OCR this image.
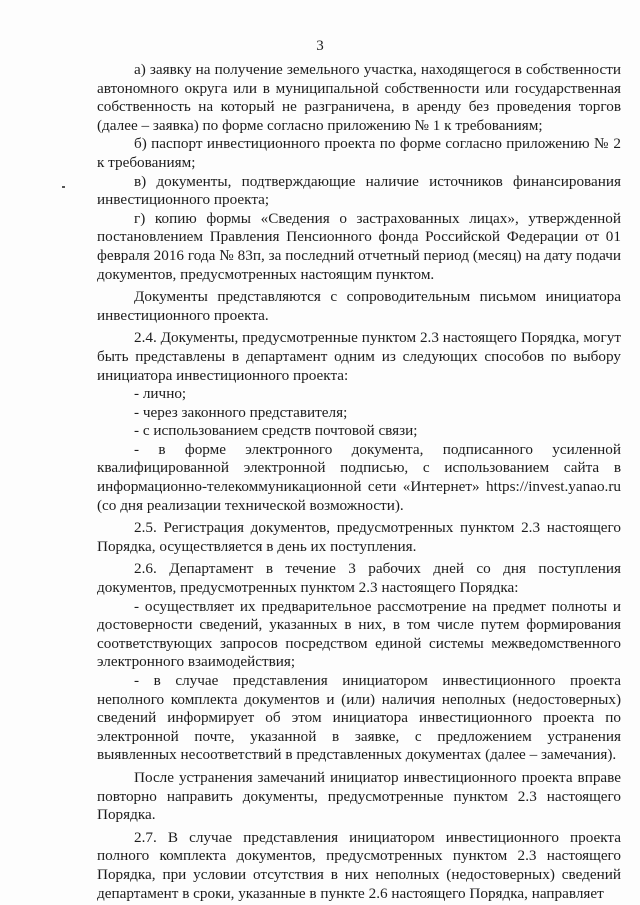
3

а) заявку на получение земельного участка, находящегося в собственности автономного округа или в муниципальной собственности или государственная собственность на который не разграничена, в аренду без проведения торгов (далее – заявка) по форме согласно приложению № 1 к требованиям;

б) паспорт инвестиционного проекта по форме согласно приложению № 2 к требованиям;

в) документы, подтверждающие наличие источников финансирования инвестиционного проекта;

г) копию формы «Сведения о застрахованных лицах», утвержденной постановлением Правления Пенсионного фонда Российской Федерации от 01 февраля 2016 года № 83п, за последний отчетный период (месяц) на дату подачи документов, предусмотренных настоящим пунктом.

Документы представляются с сопроводительным письмом инициатора инвестиционного проекта.

2.4. Документы, предусмотренные пунктом 2.3 настоящего Порядка, могут быть представлены в департамент одним из следующих способов по выбору инициатора инвестиционного проекта:

- лично;

- через законного представителя;

- с использованием средств почтовой связи;

- в форме электронного документа, подписанного усиленной квалифицированной электронной подписью, с использованием сайта в информационно-телекоммуникационной сети «Интернет» https://invest.yanao.ru (со дня реализации технической возможности).

2.5. Регистрация документов, предусмотренных пунктом 2.3 настоящего Порядка, осуществляется в день их поступления.

2.6. Департамент в течение 3 рабочих дней со дня поступления документов, предусмотренных пунктом 2.3 настоящего Порядка:

- осуществляет их предварительное рассмотрение на предмет полноты и достоверности сведений, указанных в них, в том числе путем формирования соответствующих запросов посредством единой системы межведомственного электронного взаимодействия;

- в случае представления инициатором инвестиционного проекта неполного комплекта документов и (или) наличия неполных (недостоверных) сведений информирует об этом инициатора инвестиционного проекта по электронной почте, указанной в заявке, с предложением устранения выявленных несоответствий в представленных документах (далее – замечания).

После устранения замечаний инициатор инвестиционного проекта вправе повторно направить документы, предусмотренные пунктом 2.3 настоящего Порядка.

2.7. В случае представления инициатором инвестиционного проекта полного комплекта документов, предусмотренных пунктом 2.3 настоящего Порядка, при условии отсутствия в них неполных (недостоверных) сведений департамент в сроки, указанные в пункте 2.6 настоящего Порядка, направляет
